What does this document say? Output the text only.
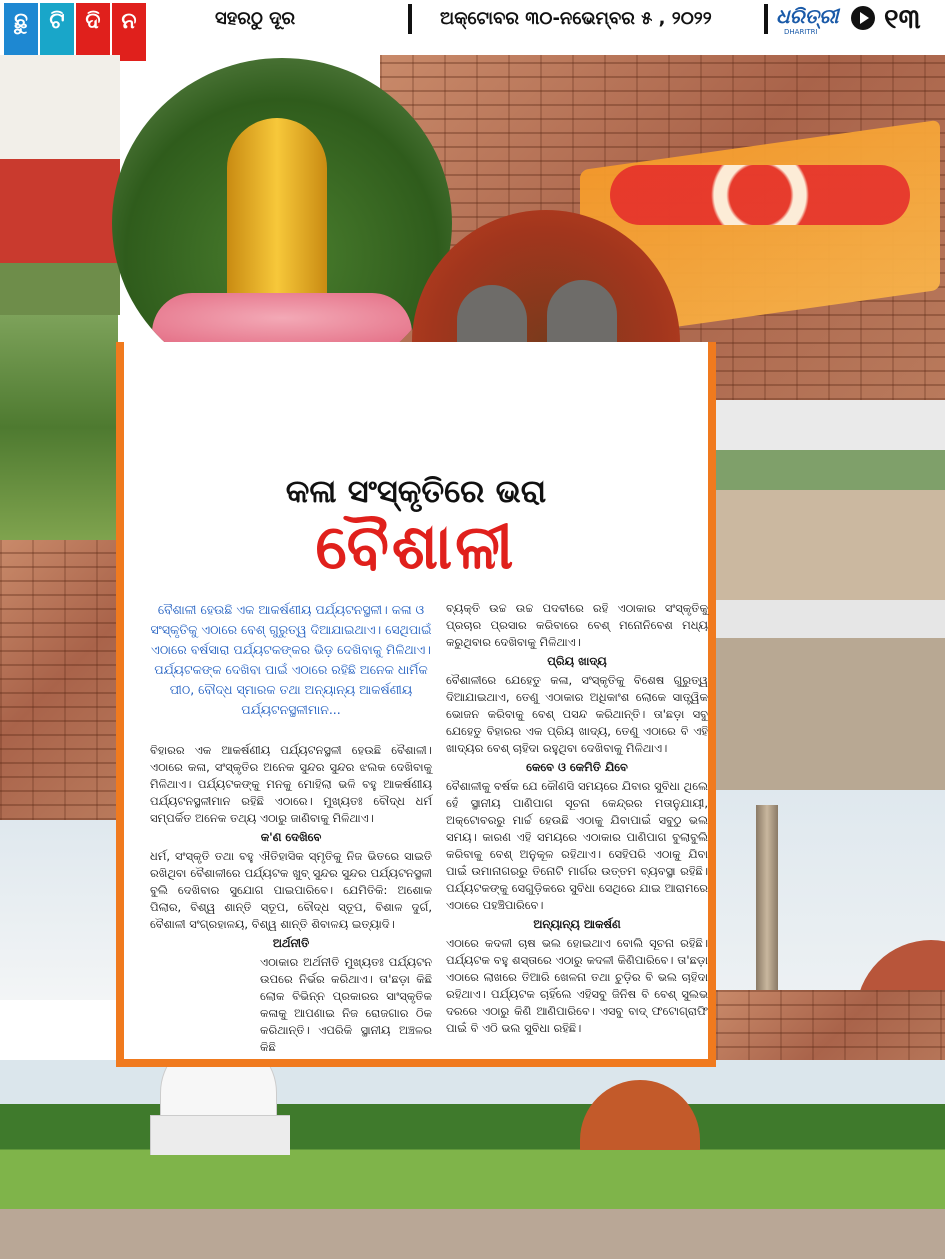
ଛୁ ଟି ଦି ନ	ସହରଠୁ ଦୂର	ଅକ୍ଟୋବର ୩୦-ନଭେମ୍ବର ୫ , ୨୦୨୨	ଧରିତ୍ରୀ
DHARITRI ୧୩
କଳା ସଂସ୍କୃତିରେ ଭରା
ବୈଶାଳୀ
ବୈଶାଳୀ ହେଉଛି ଏକ ଆକର୍ଷଣୀୟ ପର୍ଯ୍ୟଟନସ୍ଥଳୀ। କଳା ଓ ସଂସ୍କୃତିକୁ ଏଠାରେ ବେଶ୍ ଗୁରୁତ୍ୱ ଦିଆଯାଇଥାଏ। ସେଥିପାଇଁ ଏଠାରେ ବର୍ଷସାରା ପର୍ଯ୍ୟଟକଙ୍କର ଭିଡ଼ ଦେଖିବାକୁ ମିଳିଥାଏ। ପର୍ଯ୍ୟଟକଙ୍କ ଦେଖିବା ପାଇଁ ଏଠାରେ ରହିଛି ଅନେକ ଧାର୍ମିକ ପୀଠ, ବୌଦ୍ଧ ସ୍ମାରକ ତଥା ଅନ୍ୟାନ୍ୟ ଆକର୍ଷଣୀୟ ପର୍ଯ୍ୟଟନସ୍ଥଳୀମାନ...

ବିହାରର ଏକ ଆକର୍ଷଣୀୟ ପର୍ଯ୍ୟଟନସ୍ଥଳୀ ହେଉଛି ବୈଶାଳୀ। ଏଠାରେ କଳା, ସଂସ୍କୃତିର ଅନେକ ସୁନ୍ଦର ସୁନ୍ଦର ଝଲକ ଦେଖିବାକୁ ମିଳିଥାଏ। ପର୍ଯ୍ୟଟକଙ୍କୁ ମନକୁ ମୋହିଲା ଭଳି ବହୁ ଆକର୍ଷଣୀୟ ପର୍ଯ୍ୟଟନସ୍ଥଳୀମାନ ରହିଛି ଏଠାରେ। ମୁଖ୍ୟତଃ ବୌଦ୍ଧ ଧର୍ମ ସମ୍ପର୍କିତ ଅନେକ ତଥ୍ୟ ଏଠାରୁ ଜାଣିବାକୁ ମିଳିଥାଏ।

କ'ଣ ଦେଖିବେ

ଧର୍ମ, ସଂସ୍କୃତି ତଥା ବହୁ ଐତିହାସିକ ସ୍ମୃତିକୁ ନିଜ ଭିତରେ ସାଇତି ରଖିଥିବା ବୈଶାଳୀରେ ପର୍ଯ୍ୟଟକ ଖୁବ୍ ସୁନ୍ଦର ସୁନ୍ଦର ପର୍ଯ୍ୟଟନସ୍ଥଳୀ ବୁଲି ଦେଖିବାର ସୁଯୋଗ ପାଇପାରିବେ। ଯେମିତିକି: ଅଶୋକ ପିଲାର, ବିଶ୍ୱ ଶାନ୍ତି ସ୍ତୂପ, ବୌଦ୍ଧ ସ୍ତୂପ, ବିଶାଳ ଦୁର୍ଗ, ବୈଶାଳୀ ସଂଗ୍ରହାଳୟ, ବିଶ୍ୱ ଶାନ୍ତି ଶିବାଳୟ ଇତ୍ୟାଦି।

ଅର୍ଥନୀତି

ଏଠାକାର ଅର୍ଥନୀତି ମୁଖ୍ୟତଃ ପର୍ଯ୍ୟଟନ ଉପରେ ନିର୍ଭର କରିଥାଏ। ତା'ଛଡ଼ା କିଛି ଲୋକ ବିଭିନ୍ନ ପ୍ରକାରର ସାଂସ୍କୃତିକ କଳାକୁ ଆପଣାଇ ନିଜ ରୋଜଗାର ଠିକ କରିଥାନ୍ତି। ଏପରିକି ସ୍ଥାନୀୟ ଅଞ୍ଚଳର କିଛି

ବ୍ୟକ୍ତି ଉଚ୍ଚ ଉଚ୍ଚ ପଦବୀରେ ରହି ଏଠାକାର ସଂସ୍କୃତିକୁ ପ୍ରଚାର ପ୍ରସାର କରିବାରେ ବେଶ୍ ମନୋନିବେଶ ମଧ୍ୟ କରୁଥିବାର ଦେଖିବାକୁ ମିଳିଥାଏ।

ପ୍ରିୟ ଖାଦ୍ୟ

ବୈଶାଳୀରେ ଯେହେତୁ କଳା, ସଂସ୍କୃତିକୁ ବିଶେଷ ଗୁରୁତ୍ୱ ଦିଆଯାଇଥାଏ, ତେଣୁ ଏଠାକାର ଅଧିକାଂଶ ଲୋକେ ସାତ୍ତ୍ୱିକ ଭୋଜନ କରିବାକୁ ବେଶ୍ ପସନ୍ଦ କରିଥାନ୍ତି। ତା'ଛଡ଼ା ସବୁ ଯେହେତୁ ବିହାରର ଏକ ପ୍ରିୟ ଖାଦ୍ୟ, ତେଣୁ ଏଠାରେ ବି ଏହି ଖାଦ୍ୟର ବେଶ୍ ଚାହିଦା ରହୁଥିବା ଦେଖିବାକୁ ମିଳିଥାଏ।

କେବେ ଓ କେମିତି ଯିବେ

ବୈଶାଳୀକୁ ବର୍ଷକ ଯେ କୌଣସି ସମୟରେ ଯିବାର ସୁବିଧା ଥିଲେ ହେଁ ସ୍ଥାନୀୟ ପାଣିପାଗ ସୂଚନା କେନ୍ଦ୍ରର ମତାନୁଯାୟୀ, ଅକ୍ଟୋବରରୁ ମାର୍ଚ୍ଚ ହେଉଛି ଏଠାକୁ ଯିବାପାଇଁ ସବୁଠୁ ଭଲ ସମୟ। କାରଣ ଏହି ସମୟରେ ଏଠାକାର ପାଣିପାଗ ବୁଲାବୁଲି କରିବାକୁ ବେଶ୍ ଅନୁକୂଳ ରହିଥାଏ। ସେହିପରି ଏଠାକୁ ଯିବା ପାଇଁ ଉମାନାଗରରୁ ତିନୋଟି ମାର୍ଗର ଉତ୍ତମ ବ୍ୟବସ୍ଥା ରହିଛି। ପର୍ଯ୍ୟଟକଙ୍କୁ ସେଗୁଡ଼ିକରେ ସୁବିଧା ସେଥିରେ ଯାଇ ଆରାମରେ ଏଠାରେ ପହଞ୍ଚିପାରିବେ।

ଅନ୍ୟାନ୍ୟ ଆକର୍ଷଣ

ଏଠାରେ କଦଳୀ ଚାଷ ଭଲ ହୋଇଥାଏ ବୋଲି ସୂଚନା ରହିଛି। ପର୍ଯ୍ୟଟକ ବହୁ ଶସ୍ତାରେ ଏଠାରୁ କଦଳୀ କିଣିପାରିବେ। ତା'ଛଡ଼ା ଏଠାରେ ଲାଖରେ ତିଆରି ଖେଳନା ତଥା ଚୁଡ଼ିର ବି ଭଲ ଚାହିଦା ରହିଥାଏ। ପର୍ଯ୍ୟଟକ ଚାହିଁଲେ ଏହିସବୁ ଜିନିଷ ବି ବେଶ୍ ସୁଲଭ ଦରରେ ଏଠାରୁ କିଣି ଆଣିପାରିବେ। ଏସବୁ ବାଦ୍ ଫଟୋଗ୍ରାଫି ପାଇଁ ବି ଏଠି ଭଲ ସୁବିଧା ରହିଛି।
